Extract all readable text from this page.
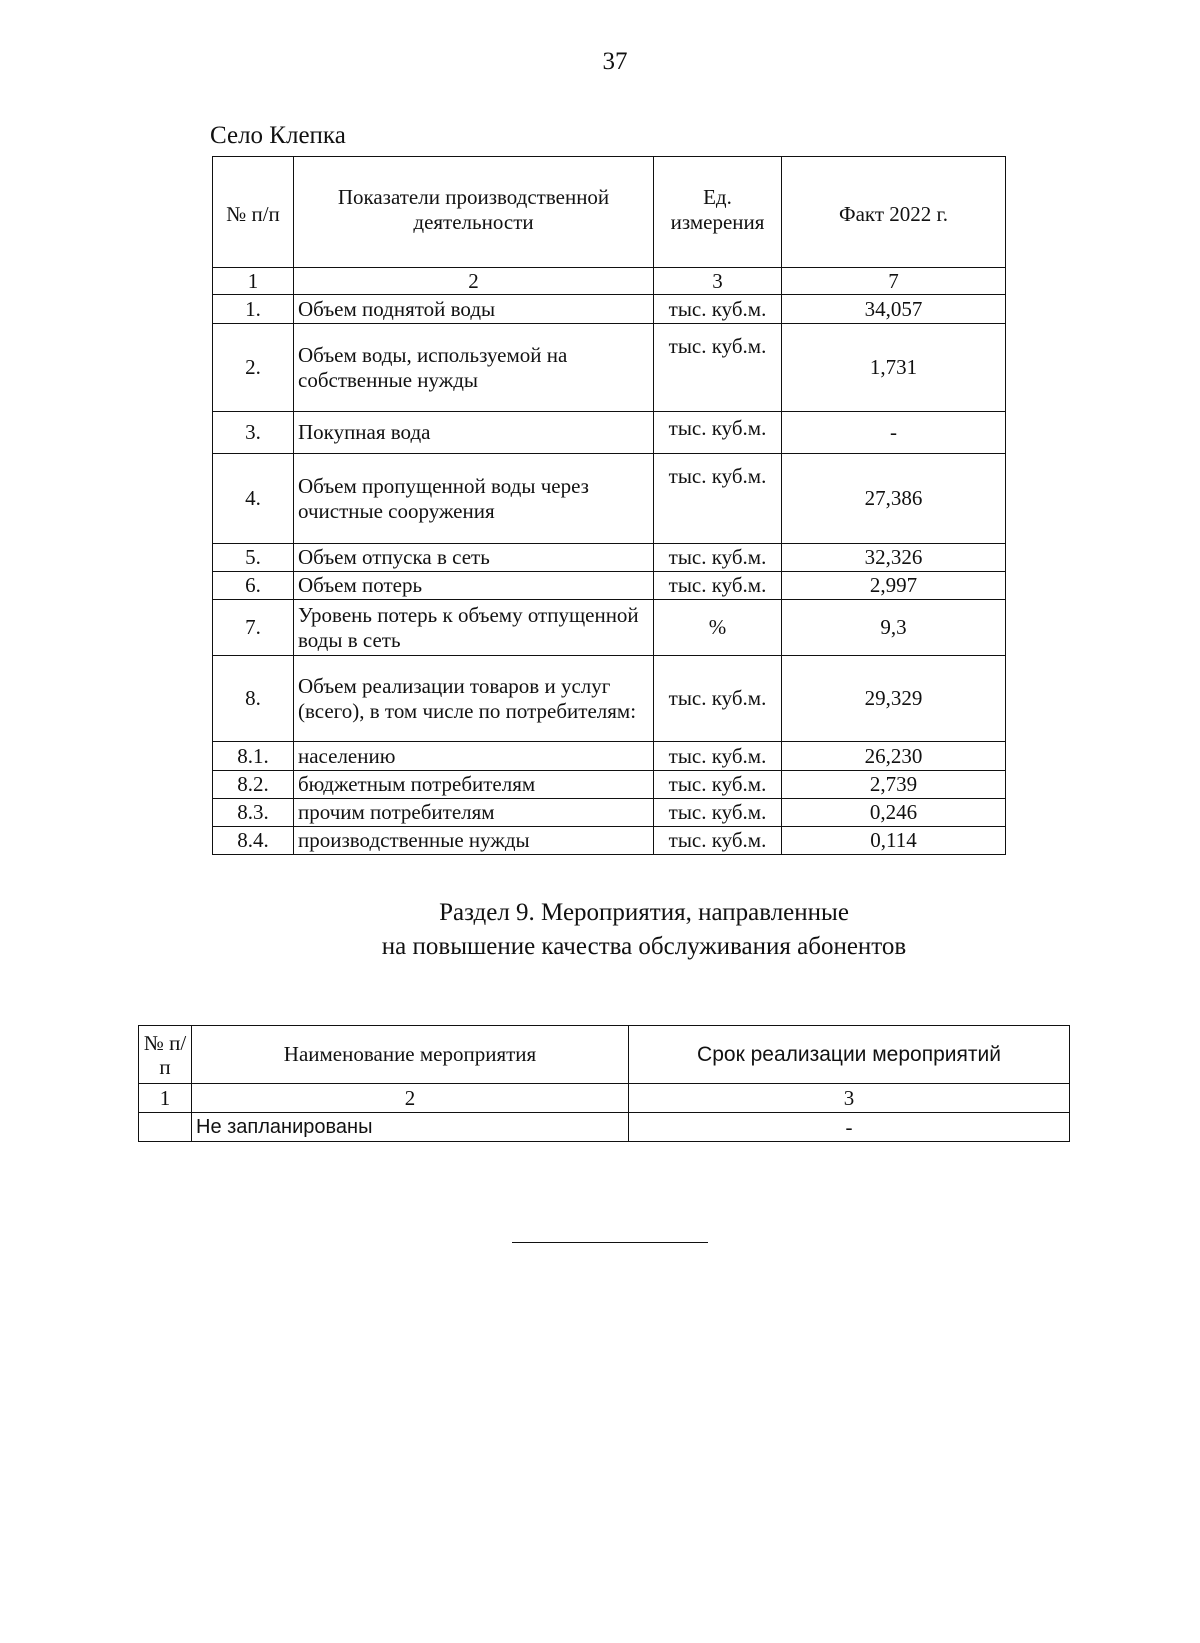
37
Село Клепка
№ п/п	Показатели производственной деятельности	Ед. измерения	Факт 2022 г.
1	2	3	7
1.	Объем поднятой воды	тыс. куб.м.	34,057
2.	Объем воды, используемой на собственные нужды	тыс. куб.м.	1,731
3.	Покупная вода	тыс. куб.м.	-
4.	Объем пропущенной воды через очистные сооружения	тыс. куб.м.	27,386
5.	Объем отпуска в сеть	тыс. куб.м.	32,326
6.	Объем потерь	тыс. куб.м.	2,997
7.	Уровень потерь к объему отпущенной воды в сеть	%	9,3
8.	Объем реализации товаров и услуг (всего), в том числе по потребителям:	тыс. куб.м.	29,329
8.1.	населению	тыс. куб.м.	26,230
8.2.	бюджетным потребителям	тыс. куб.м.	2,739
8.3.	прочим потребителям	тыс. куб.м.	0,246
8.4.	производственные нужды	тыс. куб.м.	0,114
Раздел 9. Мероприятия, направленные
на повышение качества обслуживания абонентов
№ п/п	Наименование мероприятия	Срок реализации мероприятий
1	2	3
	Не запланированы	-
